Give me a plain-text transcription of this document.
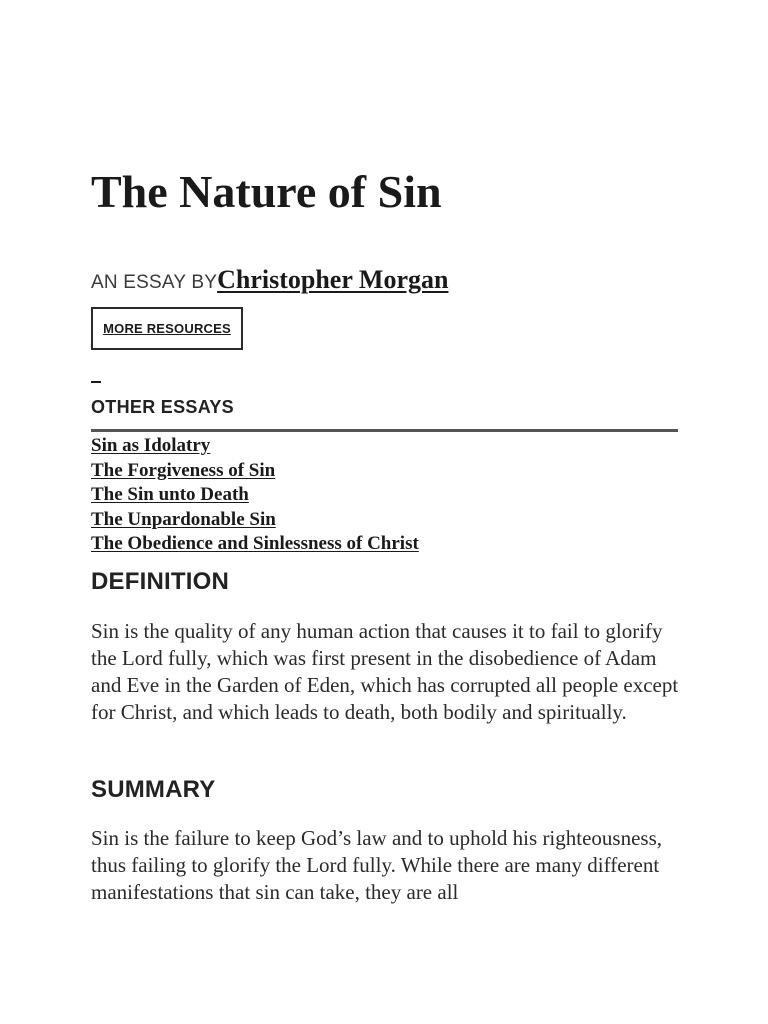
The Nature of Sin
AN ESSAY BYChristopher Morgan
MORE RESOURCES
OTHER ESSAYS
Sin as Idolatry
The Forgiveness of Sin
The Sin unto Death
The Unpardonable Sin
The Obedience and Sinlessness of Christ
DEFINITION

Sin is the quality of any human action that causes it to fail to glorify the Lord fully, which was first present in the disobedience of Adam and Eve in the Garden of Eden, which has corrupted all people except for Christ, and which leads to death, both bodily and spiritually.

SUMMARY

Sin is the failure to keep God’s law and to uphold his righteousness, thus failing to glorify the Lord fully. While there are many different manifestations that sin can take, they are all
